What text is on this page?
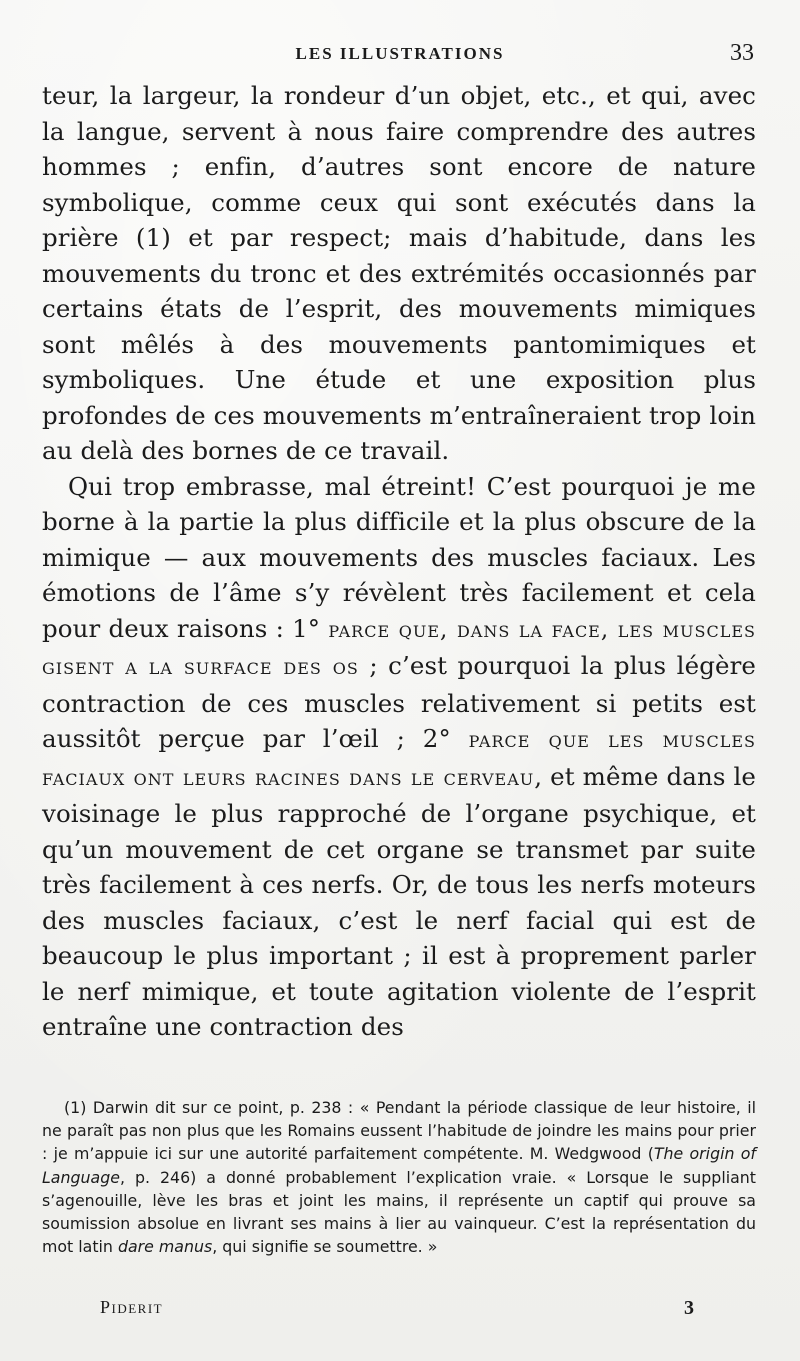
LES ILLUSTRATIONS	33

teur, la largeur, la rondeur d’un objet, etc., et qui, avec la langue, servent à nous faire comprendre des autres hommes ; enfin, d’autres sont encore de nature symbolique, comme ceux qui sont exécutés dans la prière (1) et par respect; mais d’habitude, dans les mouvements du tronc et des extrémités occasionnés par certains états de l’esprit, des mouvements mimiques sont mêlés à des mouvements pantomimiques et symboliques. Une étude et une exposition plus profondes de ces mouvements m’entraîneraient trop loin au delà des bornes de ce travail.

Qui trop embrasse, mal étreint! C’est pourquoi je me borne à la partie la plus difficile et la plus obscure de la mimique — aux mouvements des muscles faciaux. Les émotions de l’âme s’y révèlent très facilement et cela pour deux raisons : 1° parce que, dans la face, les muscles gisent a la surface des os ; c’est pourquoi la plus légère contraction de ces muscles relativement si petits est aussitôt perçue par l’œil ; 2° parce que les muscles faciaux ont leurs racines dans le cerveau, et même dans le voisinage le plus rapproché de l’organe psychique, et qu’un mouvement de cet organe se transmet par suite très facilement à ces nerfs. Or, de tous les nerfs moteurs des muscles faciaux, c’est le nerf facial qui est de beaucoup le plus important ; il est à proprement parler le nerf mimique, et toute agitation violente de l’esprit entraîne une contraction des

(1) Darwin dit sur ce point, p. 238 : « Pendant la période classique de leur histoire, il ne paraît pas non plus que les Romains eussent l’habitude de joindre les mains pour prier : je m’appuie ici sur une autorité parfaitement compétente. M. Wedgwood (The origin of Language, p. 246) a donné probablement l’explication vraie. « Lorsque le suppliant s’agenouille, lève les bras et joint les mains, il représente un captif qui prouve sa soumission absolue en livrant ses mains à lier au vainqueur. C’est la représentation du mot latin dare manus, qui signifie se soumettre. »

Piderit	3
